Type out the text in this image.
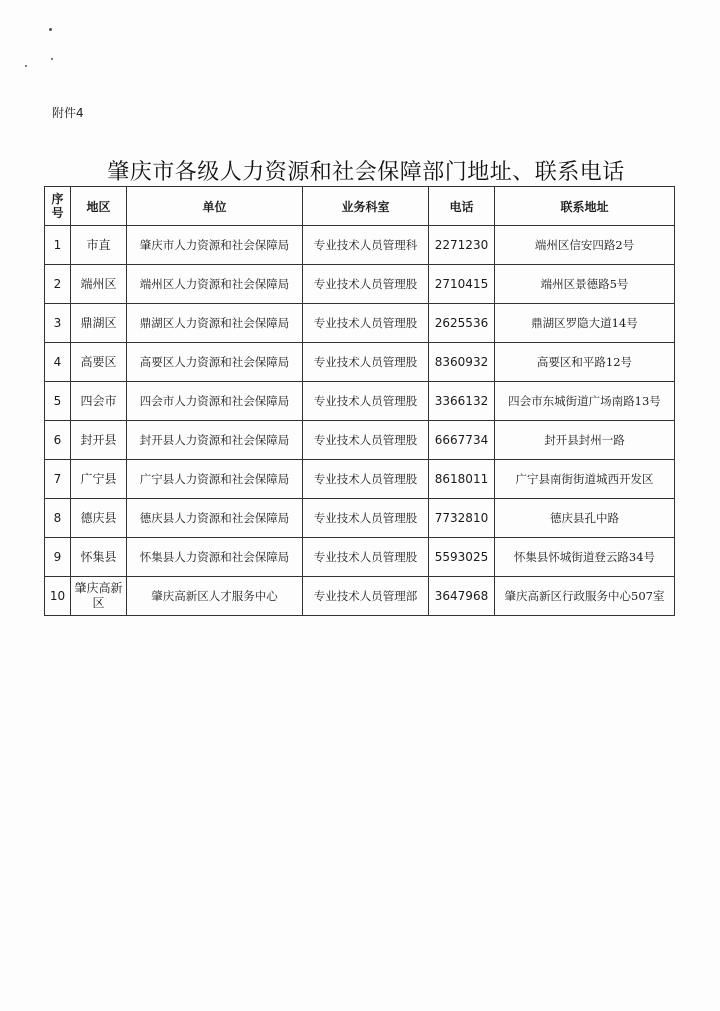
附件4
肇庆市各级人力资源和社会保障部门地址、联系电话
序号	地区	单位	业务科室	电话	联系地址
1	市直	肇庆市人力资源和社会保障局	专业技术人员管理科	2271230	端州区信安四路2号
2	端州区	端州区人力资源和社会保障局	专业技术人员管理股	2710415	端州区景德路5号
3	鼎湖区	鼎湖区人力资源和社会保障局	专业技术人员管理股	2625536	鼎湖区罗隐大道14号
4	高要区	高要区人力资源和社会保障局	专业技术人员管理股	8360932	高要区和平路12号
5	四会市	四会市人力资源和社会保障局	专业技术人员管理股	3366132	四会市东城街道广场南路13号
6	封开县	封开县人力资源和社会保障局	专业技术人员管理股	6667734	封开县封州一路
7	广宁县	广宁县人力资源和社会保障局	专业技术人员管理股	8618011	广宁县南街街道城西开发区
8	德庆县	德庆县人力资源和社会保障局	专业技术人员管理股	7732810	德庆县孔中路
9	怀集县	怀集县人力资源和社会保障局	专业技术人员管理股	5593025	怀集县怀城街道登云路34号
10	肇庆高新区	肇庆高新区人才服务中心	专业技术人员管理部	3647968	肇庆高新区行政服务中心507室
